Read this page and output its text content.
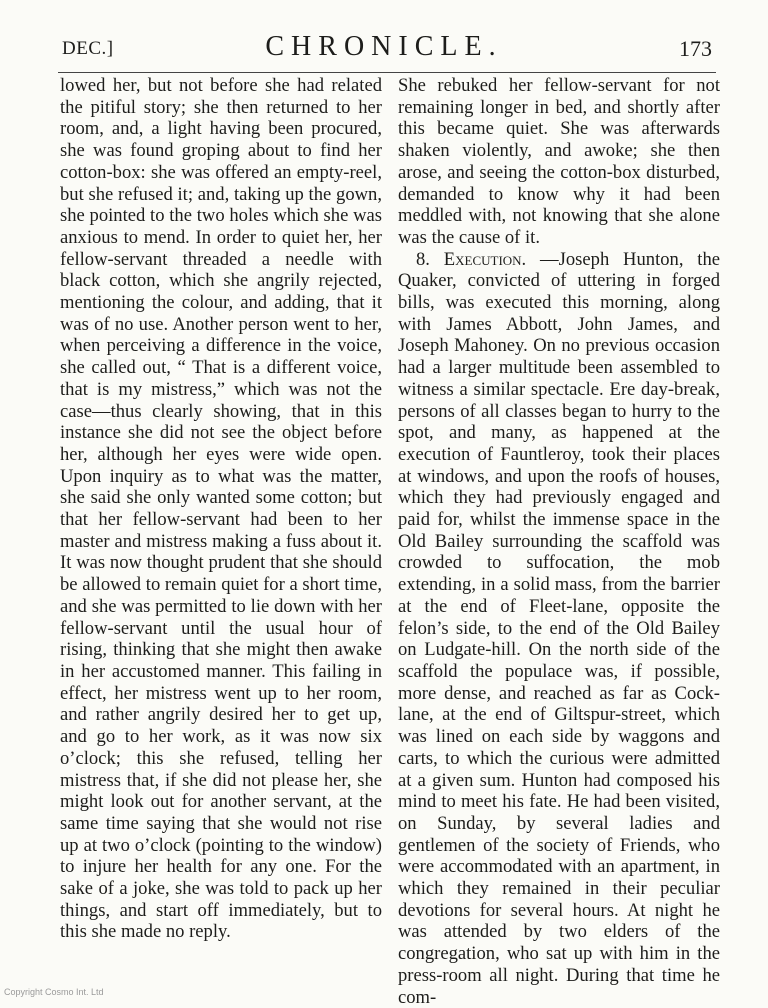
DEC.]	CHRONICLE.	173

lowed her, but not before she had related the pitiful story; she then returned to her room, and, a light having been procured, she was found groping about to find her cotton-box: she was offered an empty-reel, but she refused it; and, taking up the gown, she pointed to the two holes which she was anxious to mend. In order to quiet her, her fellow-servant threaded a needle with black cotton, which she angrily rejected, mentioning the colour, and adding, that it was of no use. Another person went to her, when perceiving a difference in the voice, she called out, “ That is a different voice, that is my mistress,” which was not the case—thus clearly showing, that in this instance she did not see the object before her, although her eyes were wide open. Upon inquiry as to what was the matter, she said she only wanted some cotton; but that her fellow-servant had been to her master and mistress making a fuss about it. It was now thought prudent that she should be allowed to remain quiet for a short time, and she was permitted to lie down with her fellow-servant until the usual hour of rising, thinking that she might then awake in her accustomed manner. This failing in effect, her mistress went up to her room, and rather angrily desired her to get up, and go to her work, as it was now six o’clock; this she refused, telling her mistress that, if she did not please her, she might look out for another servant, at the same time saying that she would not rise up at two o’clock (pointing to the window) to injure her health for any one. For the sake of a joke, she was told to pack up her things, and start off immediately, but to this she made no reply.

She rebuked her fellow-servant for not remaining longer in bed, and shortly after this became quiet. She was afterwards shaken violently, and awoke; she then arose, and seeing the cotton-box disturbed, demanded to know why it had been meddled with, not knowing that she alone was the cause of it.

8. Execution. —Joseph Hunton, the Quaker, convicted of uttering in forged bills, was executed this morning, along with James Abbott, John James, and Joseph Mahoney. On no previous occasion had a larger multitude been assembled to witness a similar spectacle. Ere day-break, persons of all classes began to hurry to the spot, and many, as happened at the execution of Fauntleroy, took their places at windows, and upon the roofs of houses, which they had previously engaged and paid for, whilst the immense space in the Old Bailey surrounding the scaffold was crowded to suffocation, the mob extending, in a solid mass, from the barrier at the end of Fleet-lane, opposite the felon’s side, to the end of the Old Bailey on Ludgate-hill. On the north side of the scaffold the populace was, if possible, more dense, and reached as far as Cock-lane, at the end of Giltspur-street, which was lined on each side by waggons and carts, to which the curious were admitted at a given sum. Hunton had composed his mind to meet his fate. He had been visited, on Sunday, by several ladies and gentlemen of the society of Friends, who were accommodated with an apartment, in which they remained in their peculiar devotions for several hours. At night he was attended by two elders of the congregation, who sat up with him in the press-room all night. During that time he com-

Copyright Cosmo Int. Ltd
